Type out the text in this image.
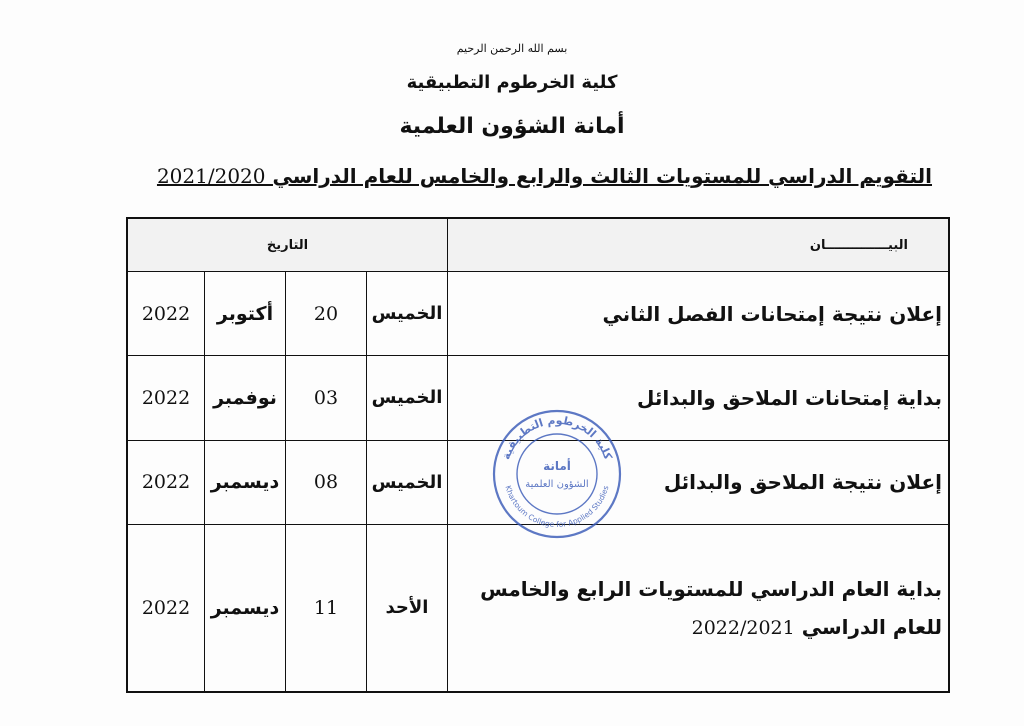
بسم الله الرحمن الرحيم
كلية الخرطوم التطبيقية
أمانة الشؤون العلمية
التقويم الدراسي للمستويات الثالث والرابع والخامس للعام الدراسي 2021/2020
البيــــــــــــــان	التاريخ			
إعلان نتيجة إمتحانات الفصل الثاني	الخميس	20	أكتوبر	2022
بداية إمتحانات الملاحق والبدائل	الخميس	03	نوفمبر	2022
إعلان نتيجة الملاحق والبدائل	الخميس	08	ديسمبر	2022
بداية العام الدراسي للمستويات الرابع والخامس للعام الدراسي 2022/2021	الأحد	11	ديسمبر	2022
كلية الخرطوم التطبيقية
Khartoum College for Applied Studies
أمانة
الشؤون العلمية
